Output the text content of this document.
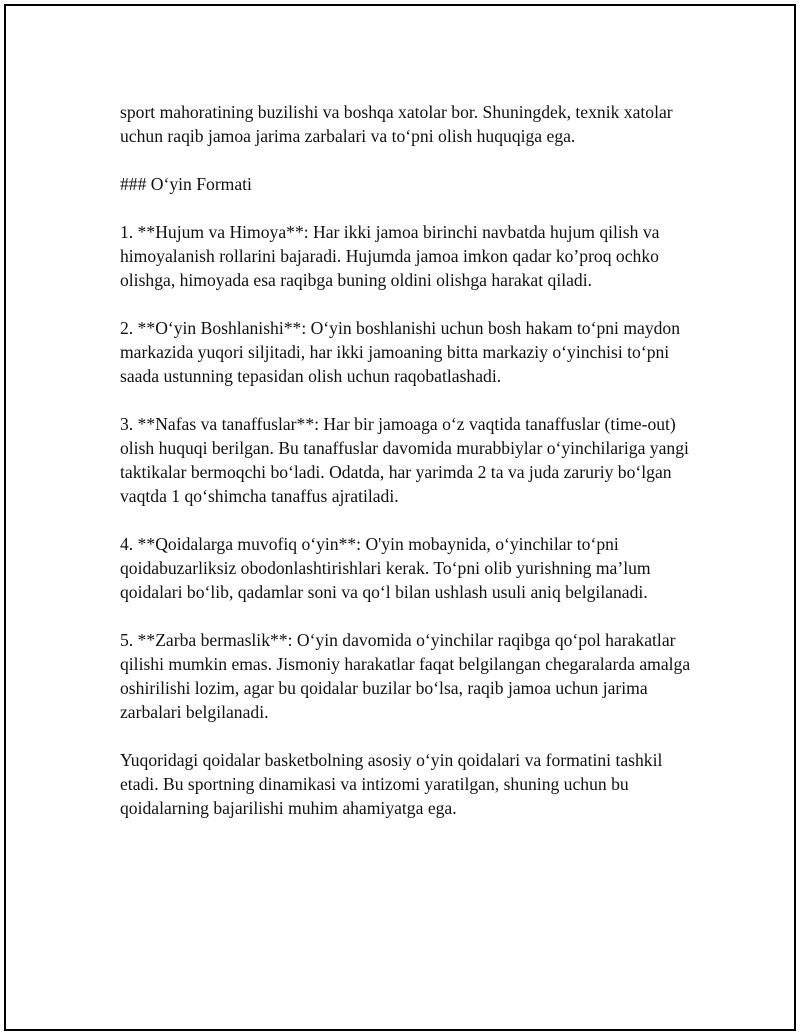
sport mahoratining buzilishi va boshqa xatolar bor. Shuningdek, texnik xatolar uchun raqib jamoa jarima zarbalari va to‘pni olish huquqiga ega.

### O‘yin Formati

1. **Hujum va Himoya**: Har ikki jamoa birinchi navbatda hujum qilish va himoyalanish rollarini bajaradi. Hujumda jamoa imkon qadar ko’proq ochko olishga, himoyada esa raqibga buning oldini olishga harakat qiladi.

2. **O‘yin Boshlanishi**: O‘yin boshlanishi uchun bosh hakam to‘pni maydon markazida yuqori siljitadi, har ikki jamoaning bitta markaziy o‘yinchisi to‘pni saada ustunning tepasidan olish uchun raqobatlashadi.

3. **Nafas va tanaffuslar**: Har bir jamoaga o‘z vaqtida tanaffuslar (time-out) olish huquqi berilgan. Bu tanaffuslar davomida murabbiylar o‘yinchilariga yangi taktikalar bermoqchi bo‘ladi. Odatda, har yarimda 2 ta va juda zaruriy bo‘lgan vaqtda 1 qo‘shimcha tanaffus ajratiladi.

4. **Qoidalarga muvofiq o‘yin**: O'yin mobaynida, o‘yinchilar to‘pni qoidabuzarliksiz obodonlashtirishlari kerak. To‘pni olib yurishning ma’lum qoidalari bo‘lib, qadamlar soni va qo‘l bilan ushlash usuli aniq belgilanadi.

5. **Zarba bermaslik**: O‘yin davomida o‘yinchilar raqibga qo‘pol harakatlar qilishi mumkin emas. Jismoniy harakatlar faqat belgilangan chegaralarda amalga oshirilishi lozim, agar bu qoidalar buzilar bo‘lsa, raqib jamoa uchun jarima zarbalari belgilanadi.

Yuqoridagi qoidalar basketbolning asosiy o‘yin qoidalari va formatini tashkil etadi. Bu sportning dinamikasi va intizomi yaratilgan, shuning uchun bu qoidalarning bajarilishi muhim ahamiyatga ega.
